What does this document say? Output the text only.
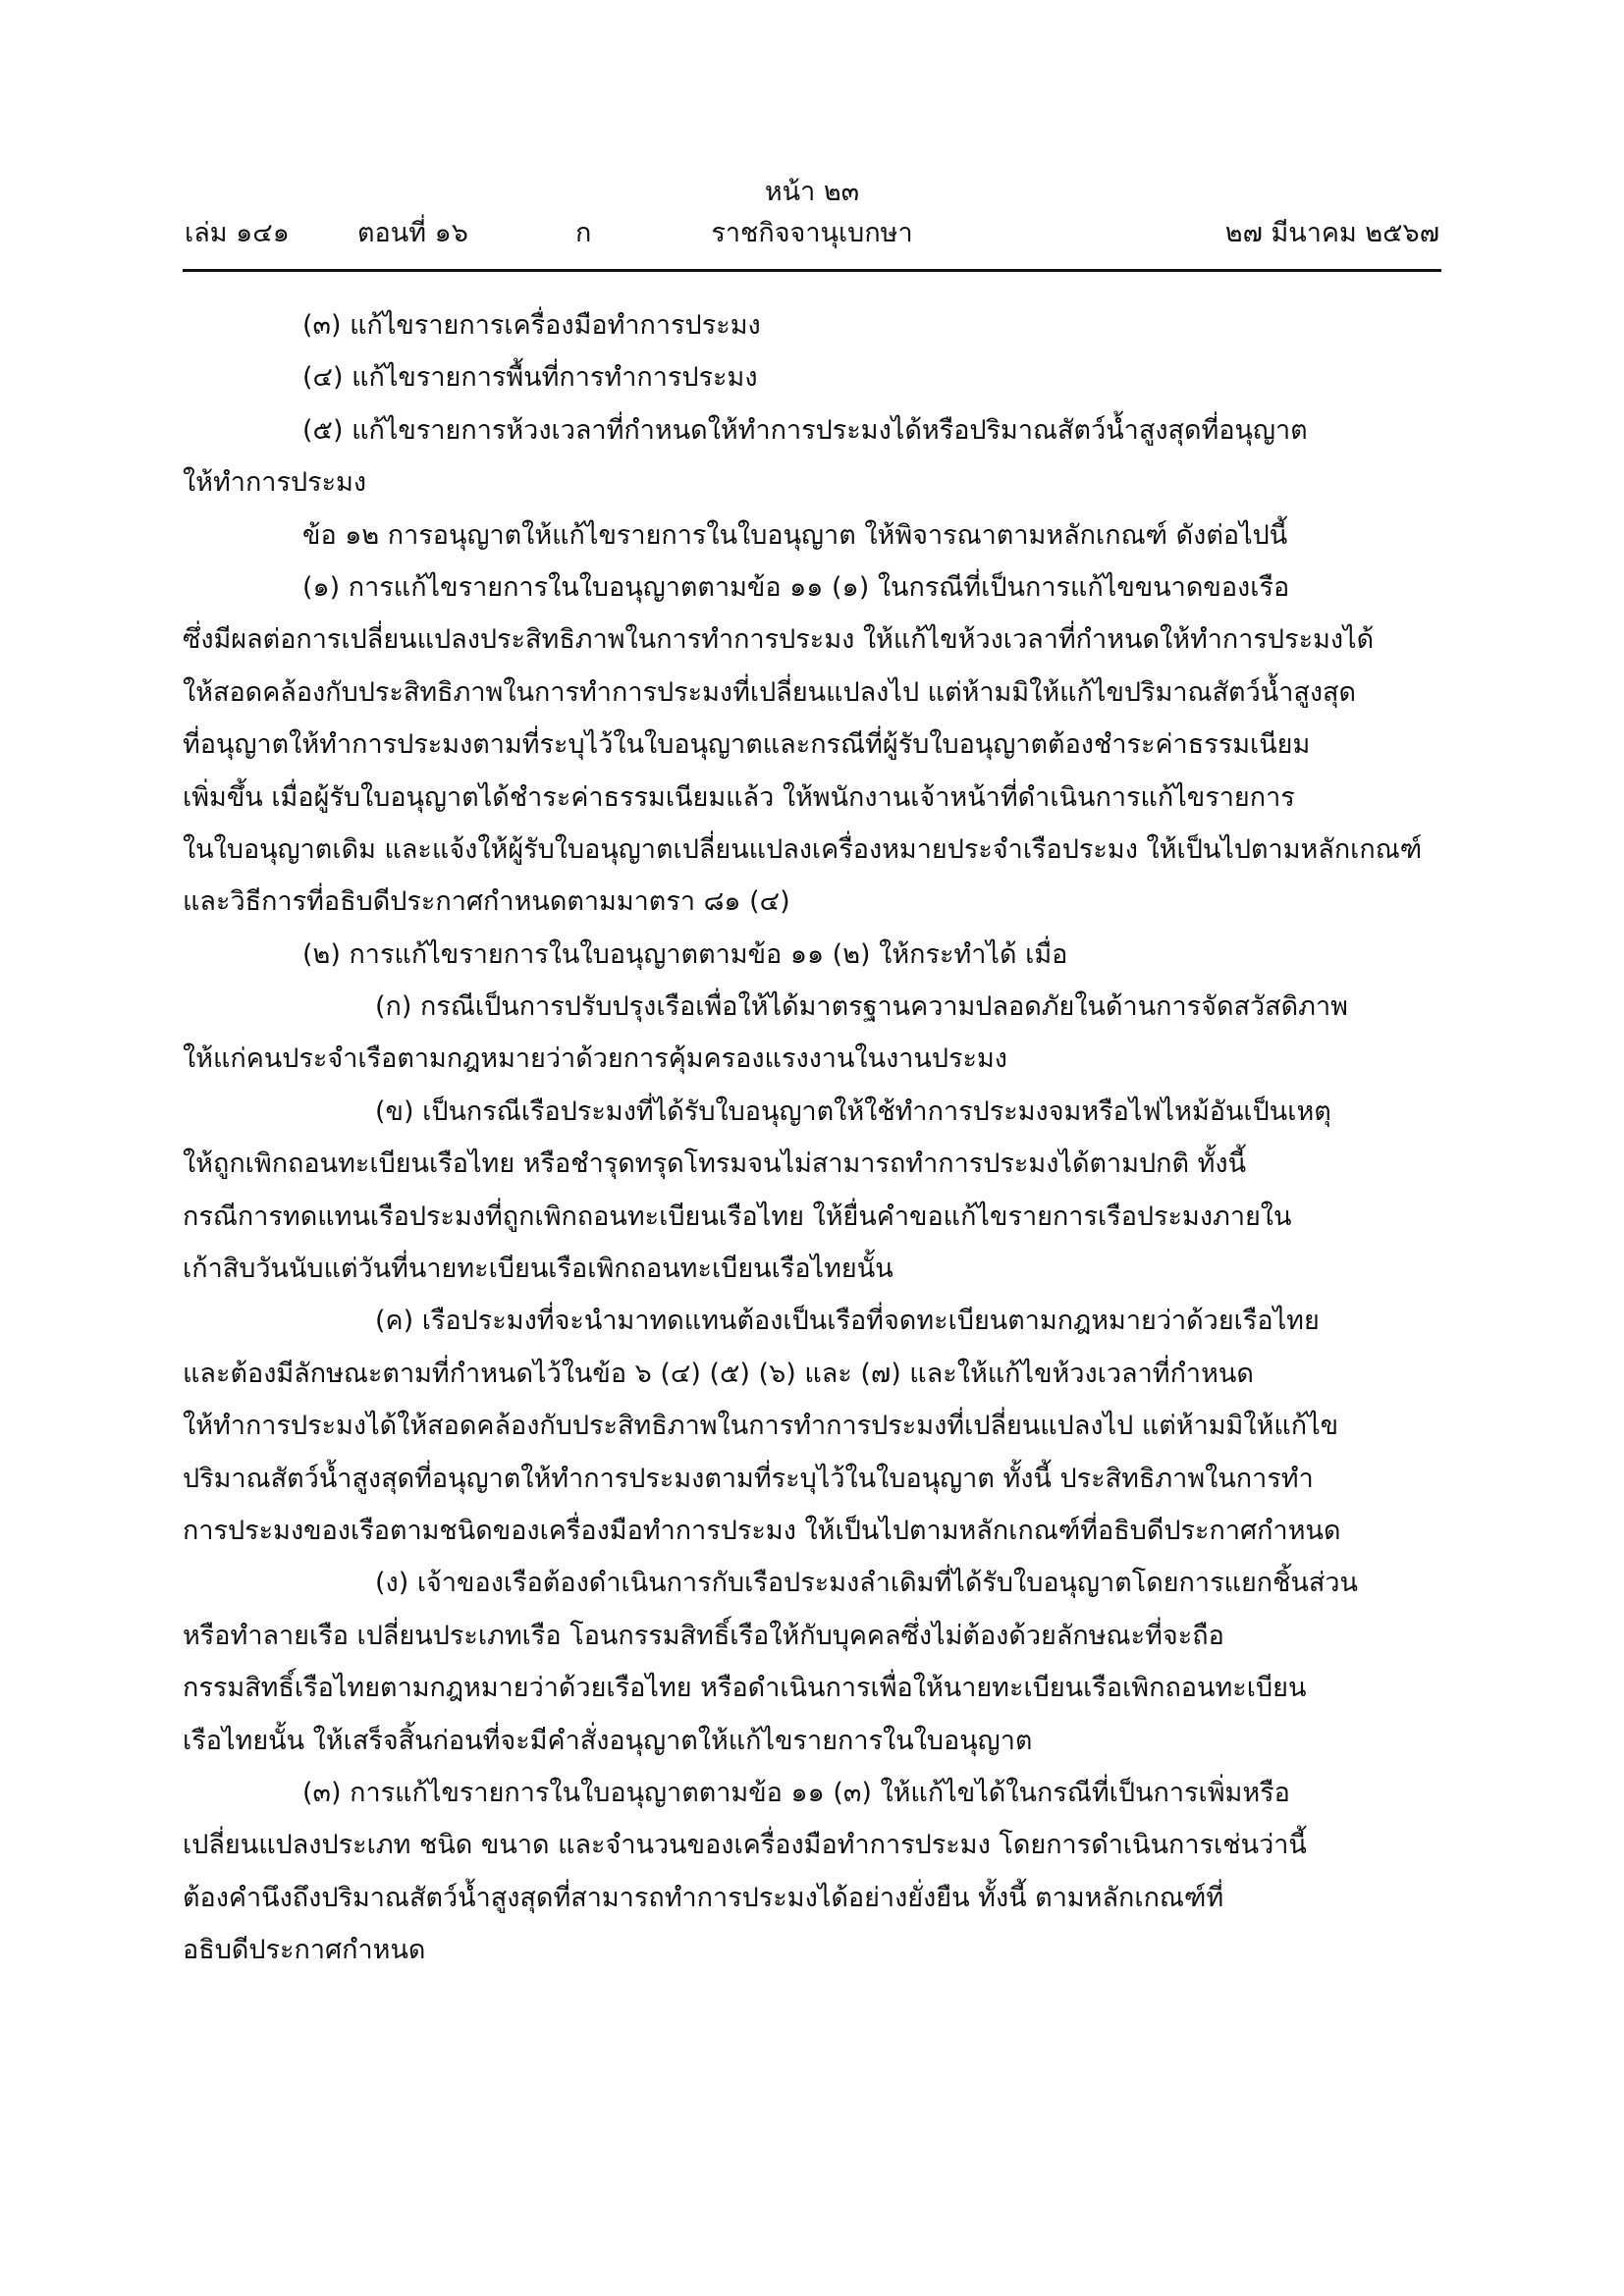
หน้า ๒๓
เล่ม ๑๔๑	ตอนที่ ๑๖	ก	ราชกิจจานุเบกษา	๒๗ มีนาคม ๒๕๖๗
(๓) แก้ไขรายการเครื่องมือทำการประมง
(๔) แก้ไขรายการพื้นที่การทำการประมง
(๕) แก้ไขรายการห้วงเวลาที่กำหนดให้ทำการประมงได้หรือปริมาณสัตว์น้ำสูงสุดที่อนุญาต
ให้ทำการประมง
ข้อ ๑๒ การอนุญาตให้แก้ไขรายการในใบอนุญาต ให้พิจารณาตามหลักเกณฑ์ ดังต่อไปนี้
(๑) การแก้ไขรายการในใบอนุญาตตามข้อ ๑๑ (๑) ในกรณีที่เป็นการแก้ไขขนาดของเรือ
ซึ่งมีผลต่อการเปลี่ยนแปลงประสิทธิภาพในการทำการประมง ให้แก้ไขห้วงเวลาที่กำหนดให้ทำการประมงได้
ให้สอดคล้องกับประสิทธิภาพในการทำการประมงที่เปลี่ยนแปลงไป แต่ห้ามมิให้แก้ไขปริมาณสัตว์น้ำสูงสุด
ที่อนุญาตให้ทำการประมงตามที่ระบุไว้ในใบอนุญาตและกรณีที่ผู้รับใบอนุญาตต้องชำระค่าธรรมเนียม
เพิ่มขึ้น เมื่อผู้รับใบอนุญาตได้ชำระค่าธรรมเนียมแล้ว ให้พนักงานเจ้าหน้าที่ดำเนินการแก้ไขรายการ
ในใบอนุญาตเดิม และแจ้งให้ผู้รับใบอนุญาตเปลี่ยนแปลงเครื่องหมายประจำเรือประมง ให้เป็นไปตามหลักเกณฑ์
และวิธีการที่อธิบดีประกาศกำหนดตามมาตรา ๘๑ (๔)
(๒) การแก้ไขรายการในใบอนุญาตตามข้อ ๑๑ (๒) ให้กระทำได้ เมื่อ
(ก) กรณีเป็นการปรับปรุงเรือเพื่อให้ได้มาตรฐานความปลอดภัยในด้านการจัดสวัสดิภาพ
ให้แก่คนประจำเรือตามกฎหมายว่าด้วยการคุ้มครองแรงงานในงานประมง
(ข) เป็นกรณีเรือประมงที่ได้รับใบอนุญาตให้ใช้ทำการประมงจมหรือไฟไหม้อันเป็นเหตุ
ให้ถูกเพิกถอนทะเบียนเรือไทย หรือชำรุดทรุดโทรมจนไม่สามารถทำการประมงได้ตามปกติ ทั้งนี้
กรณีการทดแทนเรือประมงที่ถูกเพิกถอนทะเบียนเรือไทย ให้ยื่นคำขอแก้ไขรายการเรือประมงภายใน
เก้าสิบวันนับแต่วันที่นายทะเบียนเรือเพิกถอนทะเบียนเรือไทยนั้น
(ค) เรือประมงที่จะนำมาทดแทนต้องเป็นเรือที่จดทะเบียนตามกฎหมายว่าด้วยเรือไทย
และต้องมีลักษณะตามที่กำหนดไว้ในข้อ ๖ (๔) (๕) (๖) และ (๗) และให้แก้ไขห้วงเวลาที่กำหนด
ให้ทำการประมงได้ให้สอดคล้องกับประสิทธิภาพในการทำการประมงที่เปลี่ยนแปลงไป แต่ห้ามมิให้แก้ไข
ปริมาณสัตว์น้ำสูงสุดที่อนุญาตให้ทำการประมงตามที่ระบุไว้ในใบอนุญาต ทั้งนี้ ประสิทธิภาพในการทำ
การประมงของเรือตามชนิดของเครื่องมือทำการประมง ให้เป็นไปตามหลักเกณฑ์ที่อธิบดีประกาศกำหนด
(ง) เจ้าของเรือต้องดำเนินการกับเรือประมงลำเดิมที่ได้รับใบอนุญาตโดยการแยกชิ้นส่วน
หรือทำลายเรือ เปลี่ยนประเภทเรือ โอนกรรมสิทธิ์เรือให้กับบุคคลซึ่งไม่ต้องด้วยลักษณะที่จะถือ
กรรมสิทธิ์เรือไทยตามกฎหมายว่าด้วยเรือไทย หรือดำเนินการเพื่อให้นายทะเบียนเรือเพิกถอนทะเบียน
เรือไทยนั้น ให้เสร็จสิ้นก่อนที่จะมีคำสั่งอนุญาตให้แก้ไขรายการในใบอนุญาต
(๓) การแก้ไขรายการในใบอนุญาตตามข้อ ๑๑ (๓) ให้แก้ไขได้ในกรณีที่เป็นการเพิ่มหรือ
เปลี่ยนแปลงประเภท ชนิด ขนาด และจำนวนของเครื่องมือทำการประมง โดยการดำเนินการเช่นว่านี้
ต้องคำนึงถึงปริมาณสัตว์น้ำสูงสุดที่สามารถทำการประมงได้อย่างยั่งยืน ทั้งนี้ ตามหลักเกณฑ์ที่
อธิบดีประกาศกำหนด
